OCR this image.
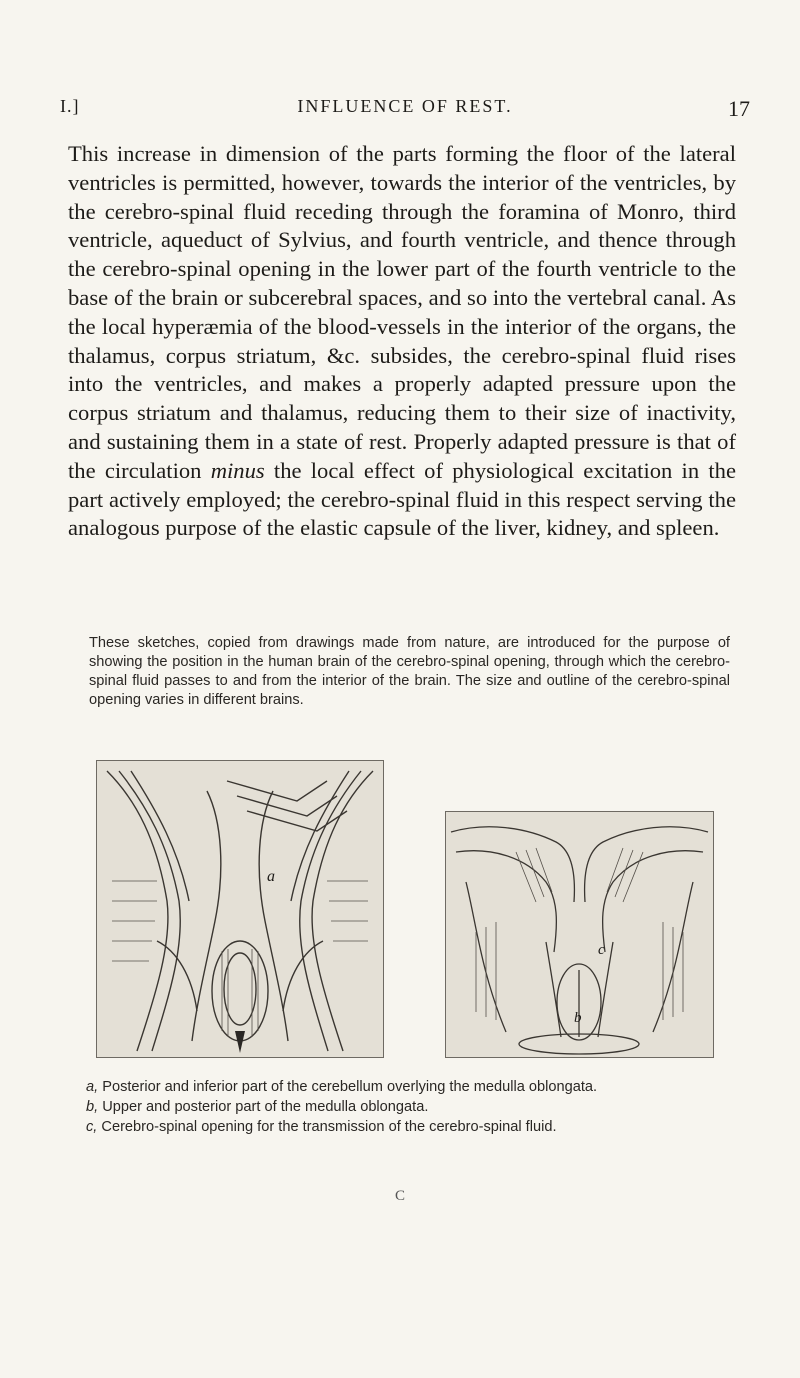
I.]	INFLUENCE OF REST.	17

This increase in dimension of the parts forming the floor of the lateral ventricles is permitted, however, towards the interior of the ventricles, by the cerebro-spinal fluid receding through the foramina of Monro, third ventricle, aqueduct of Sylvius, and fourth ventricle, and thence through the cerebro-spinal opening in the lower part of the fourth ventricle to the base of the brain or subcerebral spaces, and so into the vertebral canal. As the local hyperæmia of the blood-vessels in the interior of the organs, the thalamus, corpus striatum, &c. subsides, the cerebro-spinal fluid rises into the ventricles, and makes a properly adapted pressure upon the corpus striatum and thalamus, reducing them to their size of inactivity, and sustaining them in a state of rest. Properly adapted pressure is that of the circulation minus the local effect of physiological excitation in the part actively employed; the cerebro-spinal fluid in this respect serving the analogous purpose of the elastic capsule of the liver, kidney, and spleen.

These sketches, copied from drawings made from nature, are introduced for the purpose of showing the position in the human brain of the cerebro-spinal opening, through which the cerebro-spinal fluid passes to and from the interior of the brain. The size and outline of the cerebro-spinal opening varies in different brains.
a
c
b

a, Posterior and inferior part of the cerebellum overlying the medulla oblongata.

b, Upper and posterior part of the medulla oblongata.

c, Cerebro-spinal opening for the transmission of the cerebro-spinal fluid.

C
